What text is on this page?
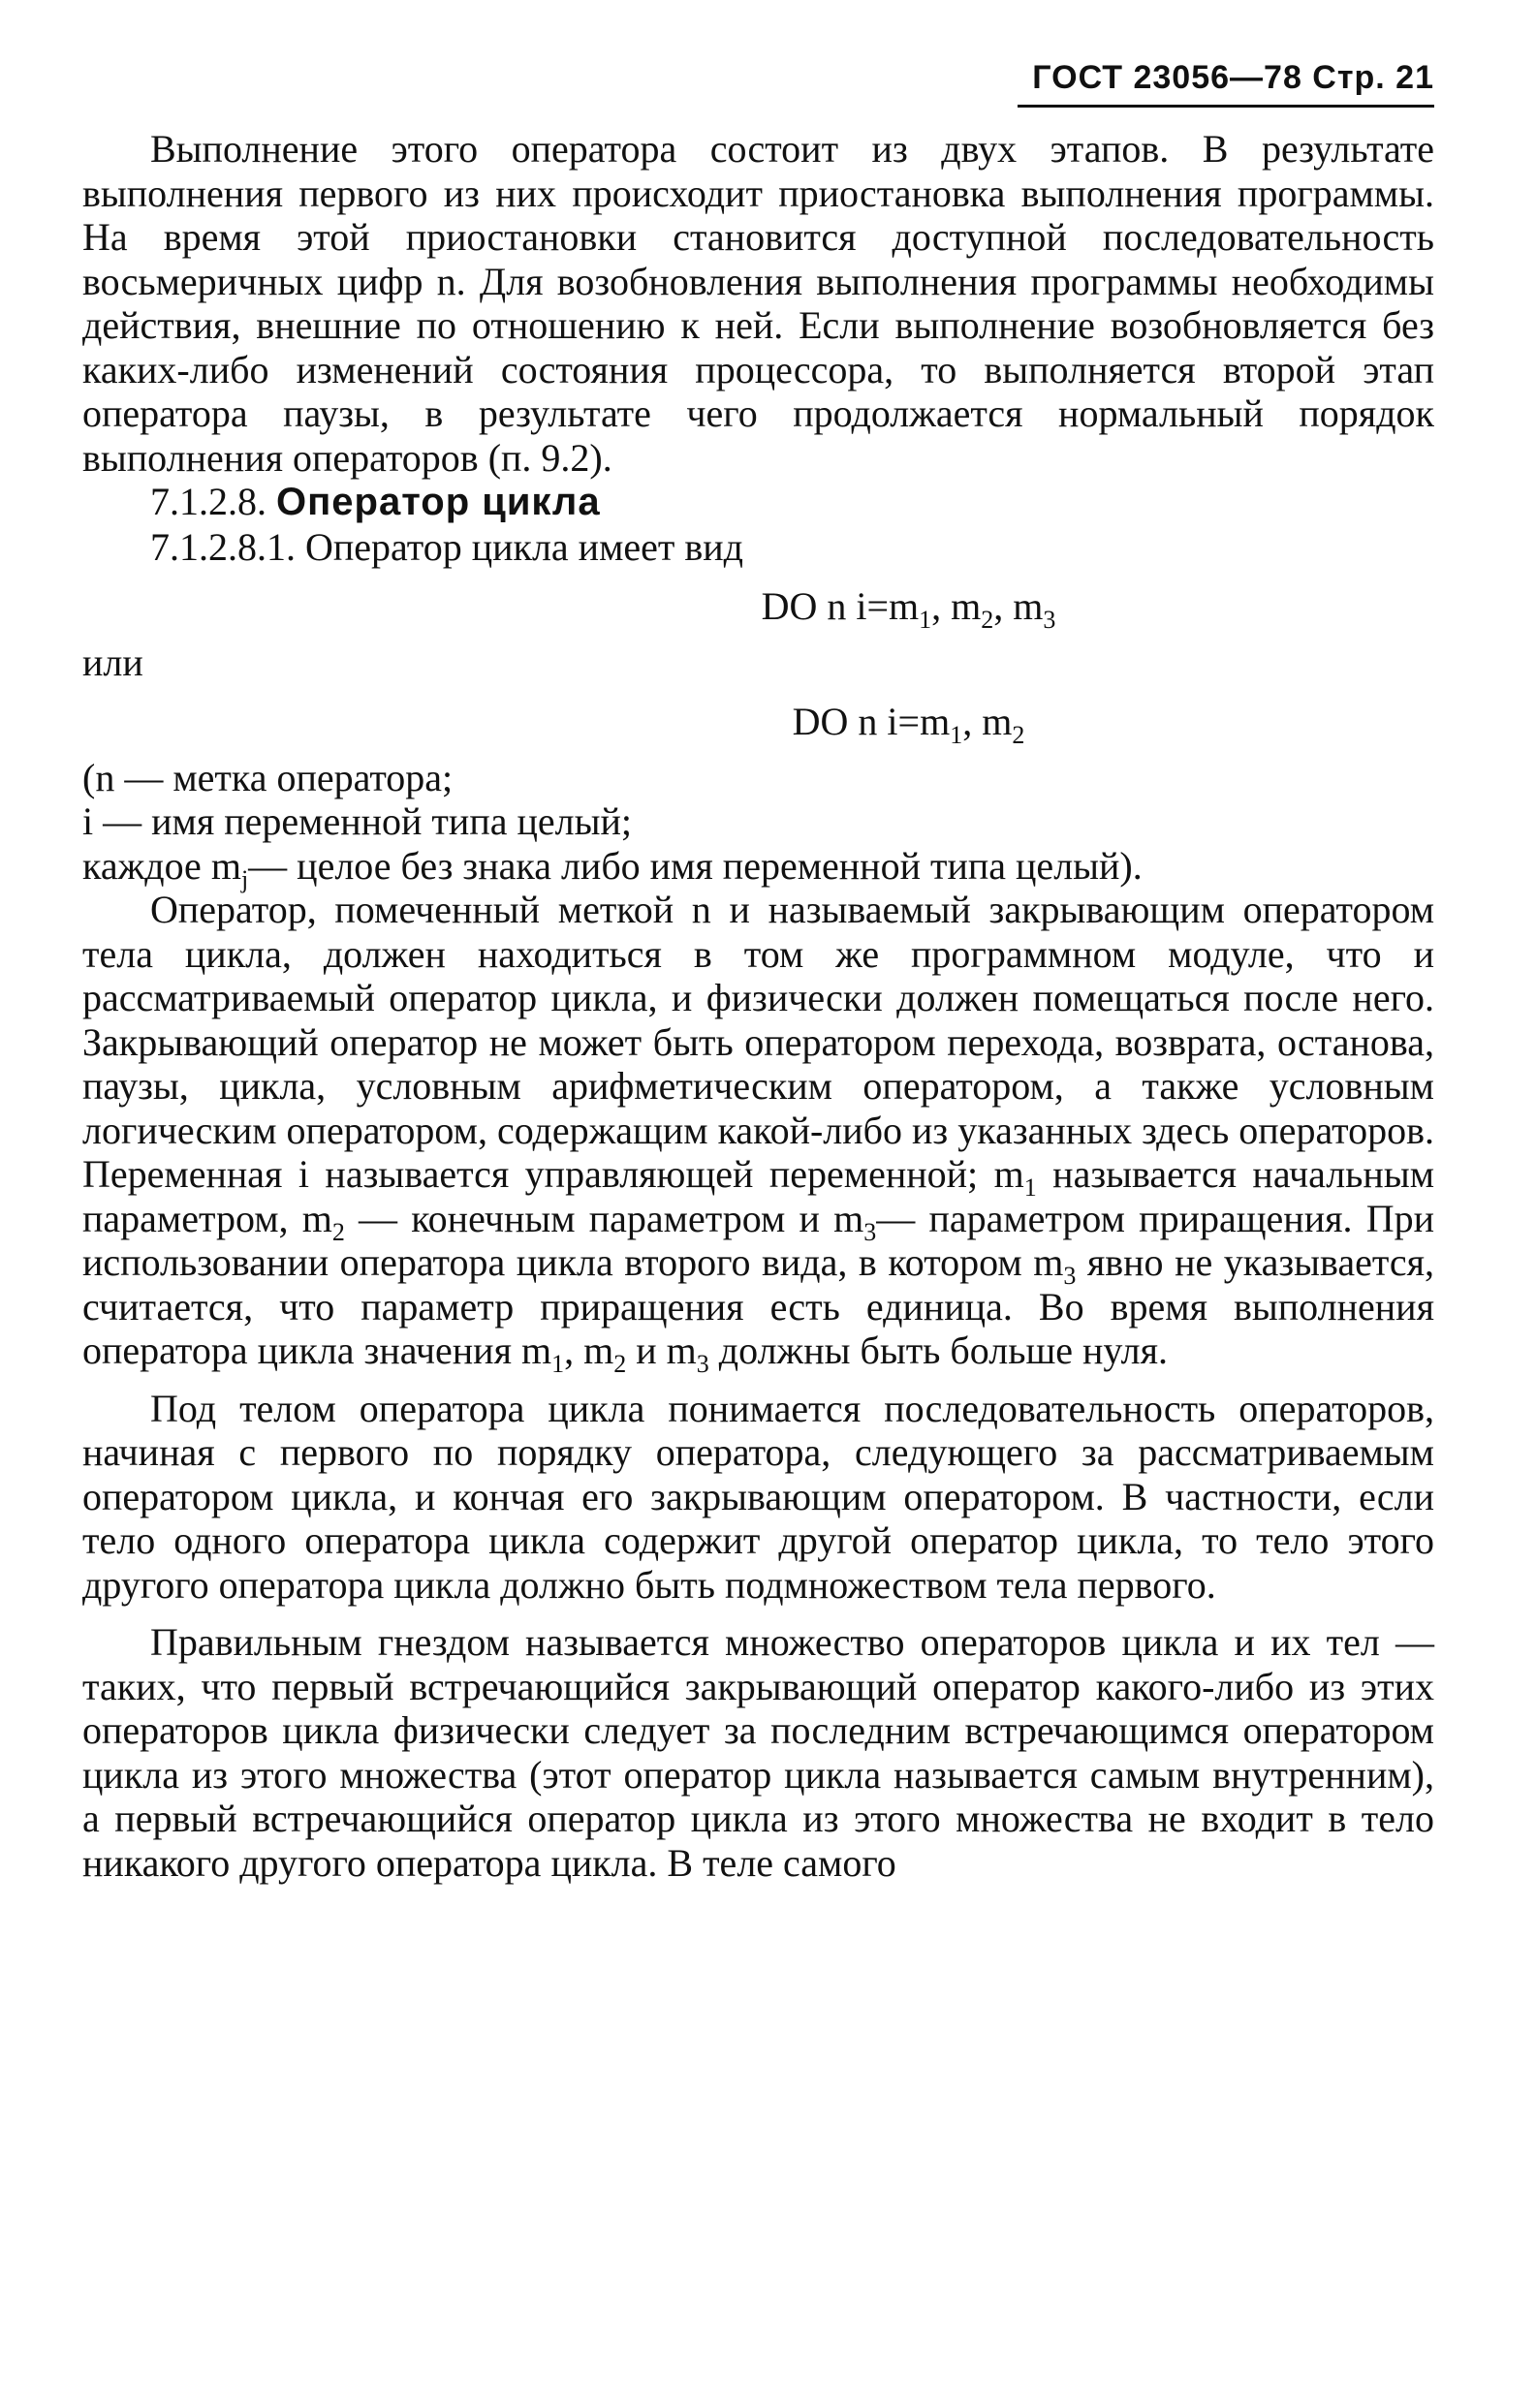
ГОСТ 23056—78 Стр. 21

Выполнение этого оператора состоит из двух этапов. В результате выполнения первого из них происходит приостановка выполнения программы. На время этой приостановки становится доступной последовательность восьмеричных цифр n. Для возобновления выполнения программы необходимы действия, внешние по отношению к ней. Если выполнение возобновляется без каких-либо изменений состояния процессора, то выполняется второй этап оператора паузы, в результате чего продолжается нормальный порядок выполнения операторов (п. 9.2).

7.1.2.8. Оператор цикла

7.1.2.8.1. Оператор цикла имеет вид

DO n $i=m_1$, $m_2$, $m_3$

или

DO n $i=m_1$, $m_2$

(n — метка оператора;

i — имя переменной типа целый;

каждое $m_j—$ целое без знака либо имя переменной типа целый).

Оператор, помеченный меткой n и называемый закрывающим оператором тела цикла, должен находиться в том же программном модуле, что и рассматриваемый оператор цикла, и физически должен помещаться после него. Закрывающий оператор не может быть оператором перехода, возврата, останова, паузы, цикла, условным арифметическим оператором, а также условным логическим оператором, содержащим какой-либо из указанных здесь операторов. Переменная i называется управляющей переменной; $m_1$ называется начальным параметром, $m_2$ — конечным параметром и $m_3—$ параметром приращения. При использовании оператора цикла второго вида, в котором $m_3$ явно не указывается, считается, что параметр приращения есть единица. Во время выполнения оператора цикла значения $m_1$, $m_2$ и $m_3$ должны быть больше нуля.

Под телом оператора цикла понимается последовательность операторов, начиная с первого по порядку оператора, следующего за рассматриваемым оператором цикла, и кончая его закрывающим оператором. В частности, если тело одного оператора цикла содержит другой оператор цикла, то тело этого другого оператора цикла должно быть подмножеством тела первого.

Правильным гнездом называется множество операторов цикла и их тел — таких, что первый встречающийся закрывающий оператор какого-либо из этих операторов цикла физически следует за последним встречающимся оператором цикла из этого множества (этот оператор цикла называется самым внутренним), а первый встречающийся оператор цикла из этого множества не входит в тело никакого другого оператора цикла. В теле самого
